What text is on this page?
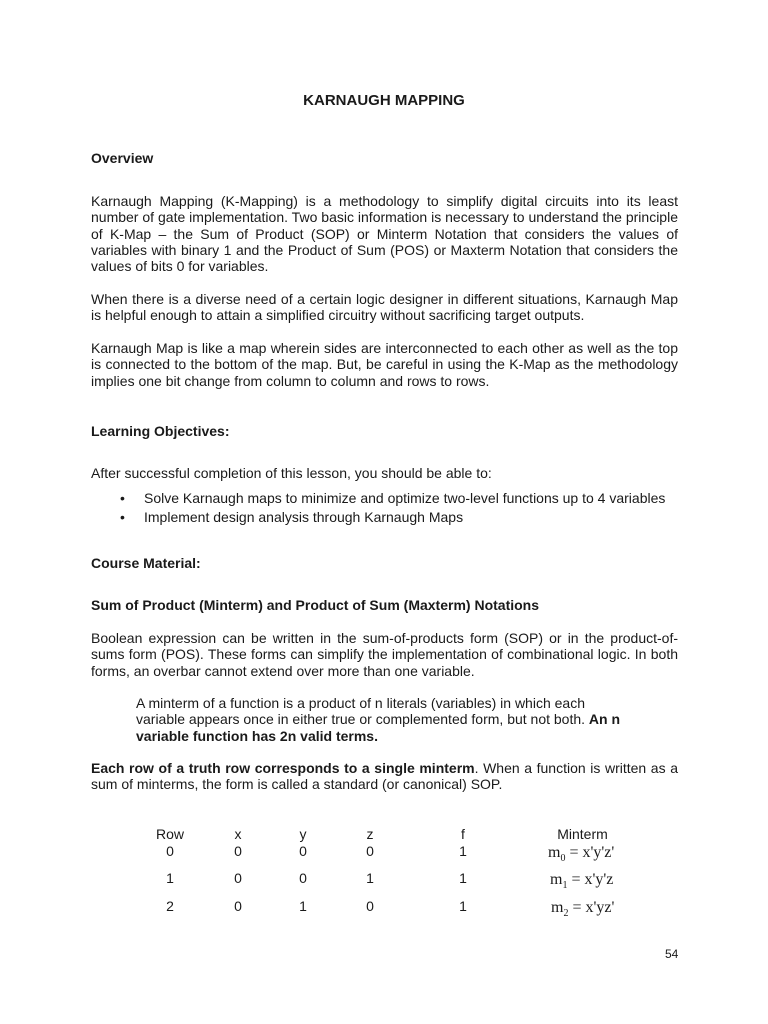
KARNAUGH MAPPING
Overview
Karnaugh Mapping (K-Mapping) is a methodology to simplify digital circuits into its least number of gate implementation. Two basic information is necessary to understand the principle of K-Map – the Sum of Product (SOP) or Minterm Notation that considers the values of variables with binary 1 and the Product of Sum (POS) or Maxterm Notation that considers the values of bits 0 for variables.
When there is a diverse need of a certain logic designer in different situations, Karnaugh Map is helpful enough to attain a simplified circuitry without sacrificing target outputs.
Karnaugh Map is like a map wherein sides are interconnected to each other as well as the top is connected to the bottom of the map. But, be careful in using the K-Map as the methodology implies one bit change from column to column and rows to rows.
Learning Objectives:
After successful completion of this lesson, you should be able to:
• Solve Karnaugh maps to minimize and optimize two-level functions up to 4 variables
• Implement design analysis through Karnaugh Maps
Course Material:
Sum of Product (Minterm) and Product of Sum (Maxterm) Notations
Boolean expression can be written in the sum-of-products form (SOP) or in the product-of-sums form (POS). These forms can simplify the implementation of combinational logic. In both forms, an overbar cannot extend over more than one variable.
A minterm of a function is a product of n literals (variables) in which each variable appears once in either true or complemented form, but not both. An n variable function has 2n valid terms.
Each row of a truth row corresponds to a single minterm. When a function is written as a sum of minterms, the form is called a standard (or canonical) SOP.
Row	x	y	z	f	Minterm
0	0	0	0	1	$m_0 = x'y'z'$
1	0	0	1	1	$m_1 = x'y'z$
2	0	1	0	1	$m_2 = x'yz'$
54
